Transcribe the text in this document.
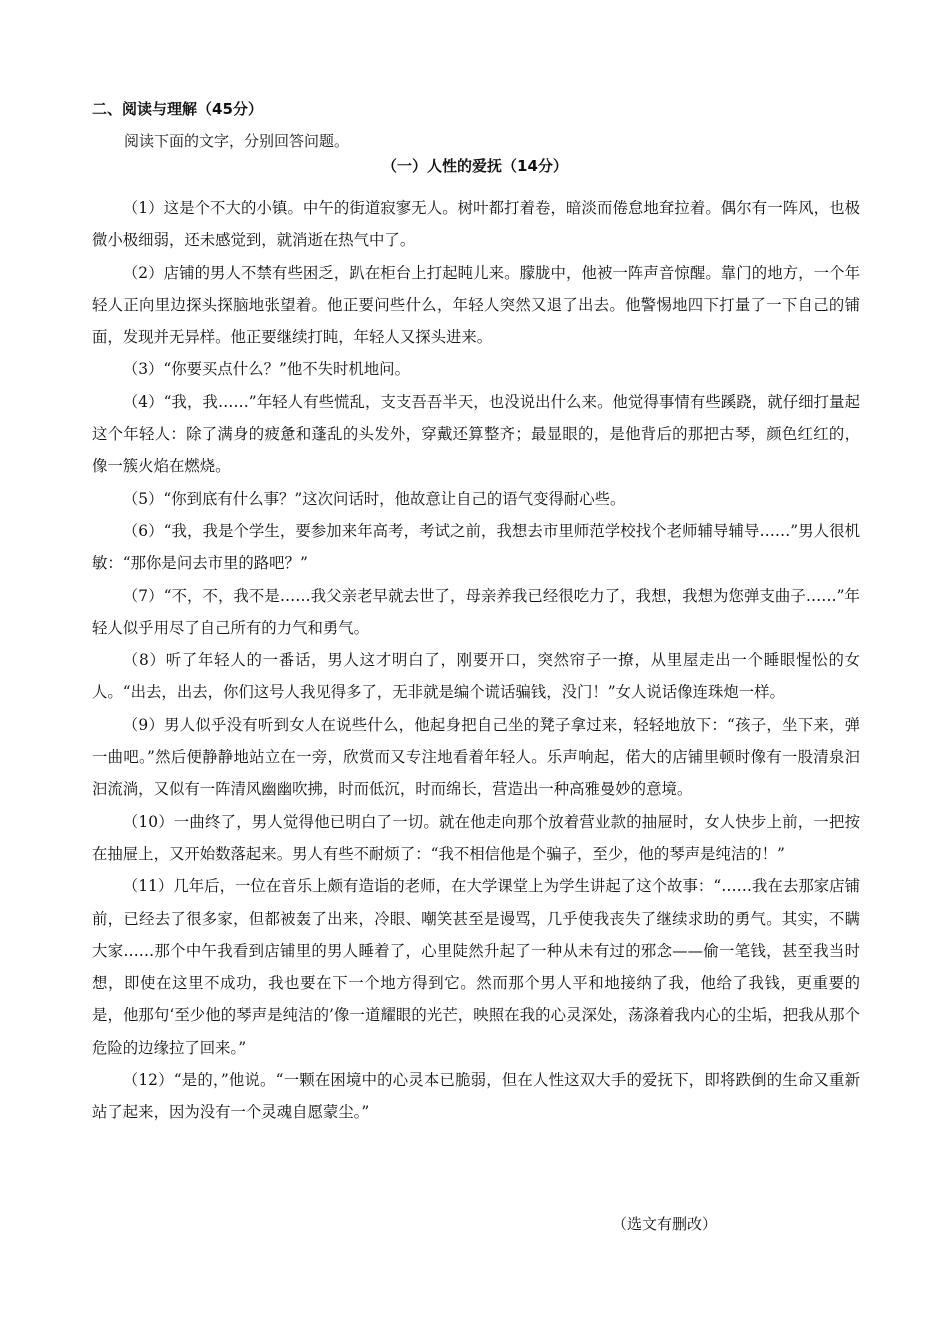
二、阅读与理解（45分）
阅读下面的文字，分别回答问题。
（一）人性的爱抚（14分）

（1）这是个不大的小镇。中午的街道寂寥无人。树叶都打着卷，暗淡而倦怠地耷拉着。偶尔有一阵风，也极微小极细弱，还未感觉到，就消逝在热气中了。

（2）店铺的男人不禁有些困乏，趴在柜台上打起盹儿来。朦胧中，他被一阵声音惊醒。靠门的地方，一个年轻人正向里边探头探脑地张望着。他正要问些什么，年轻人突然又退了出去。他警惕地四下打量了一下自己的铺面，发现并无异样。他正要继续打盹，年轻人又探头进来。

（3）“你要买点什么？”他不失时机地问。

（4）“我，我……”年轻人有些慌乱，支支吾吾半天，也没说出什么来。他觉得事情有些蹊跷，就仔细打量起这个年轻人：除了满身的疲惫和蓬乱的头发外，穿戴还算整齐；最显眼的，是他背后的那把古琴，颜色红红的，像一簇火焰在燃烧。

（5）“你到底有什么事？”这次问话时，他故意让自己的语气变得耐心些。

（6）“我，我是个学生，要参加来年高考，考试之前，我想去市里师范学校找个老师辅导辅导……”男人很机敏：“那你是问去市里的路吧？”

（7）“不，不，我不是……我父亲老早就去世了，母亲养我已经很吃力了，我想，我想为您弹支曲子……”年轻人似乎用尽了自己所有的力气和勇气。

（8）听了年轻人的一番话，男人这才明白了，刚要开口，突然帘子一撩，从里屋走出一个睡眼惺忪的女人。“出去，出去，你们这号人我见得多了，无非就是编个谎话骗钱，没门！”女人说话像连珠炮一样。

（9）男人似乎没有听到女人在说些什么，他起身把自己坐的凳子拿过来，轻轻地放下：“孩子，坐下来，弹一曲吧。”然后便静静地站立在一旁，欣赏而又专注地看着年轻人。乐声响起，偌大的店铺里顿时像有一股清泉汩汩流淌，又似有一阵清风幽幽吹拂，时而低沉，时而绵长，营造出一种高雅曼妙的意境。

（10）一曲终了，男人觉得他已明白了一切。就在他走向那个放着营业款的抽屉时，女人快步上前，一把按在抽屉上，又开始数落起来。男人有些不耐烦了：“我不相信他是个骗子，至少，他的琴声是纯洁的！”

（11）几年后，一位在音乐上颇有造诣的老师，在大学课堂上为学生讲起了这个故事：“……我在去那家店铺前，已经去了很多家，但都被轰了出来，冷眼、嘲笑甚至是谩骂，几乎使我丧失了继续求助的勇气。其实，不瞒大家……那个中午我看到店铺里的男人睡着了，心里陡然升起了一种从未有过的邪念——偷一笔钱，甚至我当时想，即使在这里不成功，我也要在下一个地方得到它。然而那个男人平和地接纳了我，他给了我钱，更重要的是，他那句‘至少他的琴声是纯洁的’像一道耀眼的光芒，映照在我的心灵深处，荡涤着我内心的尘垢，把我从那个危险的边缘拉了回来。”

（12）“是的，”他说。“一颗在困境中的心灵本已脆弱，但在人性这双大手的爱抚下，即将跌倒的生命又重新站了起来，因为没有一个灵魂自愿蒙尘。”

（选文有删改）
